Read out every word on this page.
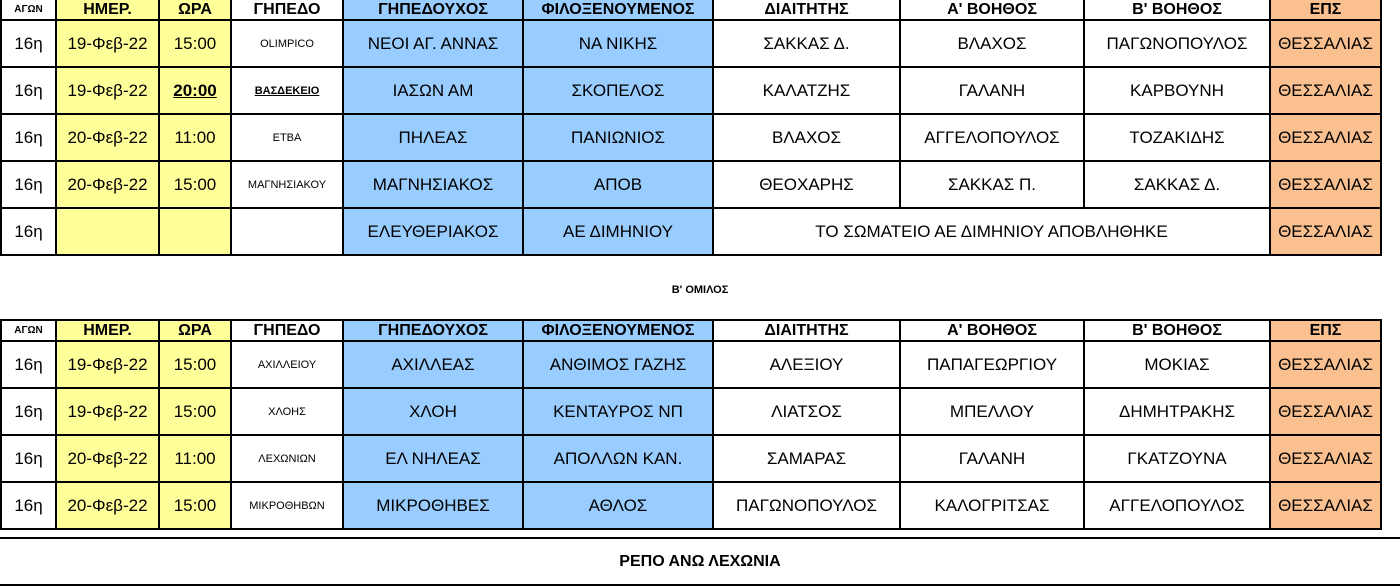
ΑΓΩΝ	ΗΜΕΡ.	ΩΡΑ	ΓΗΠΕΔΟ	ΓΗΠΕΔΟΥΧΟΣ	ΦΙΛΟΞΕΝΟΥΜΕΝΟΣ	ΔΙΑΙΤΗΤΗΣ	Α' ΒΟΗΘΟΣ	Β' ΒΟΗΘΟΣ	ΕΠΣ
16η	19-Φεβ-22	15:00	OLIMPICO	ΝΕΟΙ ΑΓ. ΑΝΝΑΣ	ΝΑ ΝΙΚΗΣ	ΣΑΚΚΑΣ Δ.	ΒΛΑΧΟΣ	ΠΑΓΩΝΟΠΟΥΛΟΣ	ΘΕΣΣΑΛΙΑΣ
16η	19-Φεβ-22	20:00	ΒΑΣΔΕΚΕΙΟ	ΙΑΣΩΝ ΑΜ	ΣΚΟΠΕΛΟΣ	ΚΑΛΑΤΖΗΣ	ΓΑΛΑΝΗ	ΚΑΡΒΟΥΝΗ	ΘΕΣΣΑΛΙΑΣ
16η	20-Φεβ-22	11:00	ΕΤΒΑ	ΠΗΛΕΑΣ	ΠΑΝΙΩΝΙΟΣ	ΒΛΑΧΟΣ	ΑΓΓΕΛΟΠΟΥΛΟΣ	ΤΟΖΑΚΙΔΗΣ	ΘΕΣΣΑΛΙΑΣ
16η	20-Φεβ-22	15:00	ΜΑΓΝΗΣΙΑΚΟΥ	ΜΑΓΝΗΣΙΑΚΟΣ	ΑΠΟΒ	ΘΕΟΧΑΡΗΣ	ΣΑΚΚΑΣ Π.	ΣΑΚΚΑΣ Δ.	ΘΕΣΣΑΛΙΑΣ
16η				ΕΛΕΥΘΕΡΙΑΚΟΣ	ΑΕ ΔΙΜΗΝΙΟΥ	ΤΟ ΣΩΜΑΤΕΙΟ ΑΕ ΔΙΜΗΝΙΟΥ ΑΠΟΒΛΗΘΗΚΕ			ΘΕΣΣΑΛΙΑΣ
Β' ΟΜΙΛΟΣ
ΑΓΩΝ	ΗΜΕΡ.	ΩΡΑ	ΓΗΠΕΔΟ	ΓΗΠΕΔΟΥΧΟΣ	ΦΙΛΟΞΕΝΟΥΜΕΝΟΣ	ΔΙΑΙΤΗΤΗΣ	Α' ΒΟΗΘΟΣ	Β' ΒΟΗΘΟΣ	ΕΠΣ
16η	19-Φεβ-22	15:00	ΑΧΙΛΛΕΙΟΥ	ΑΧΙΛΛΕΑΣ	ΑΝΘΙΜΟΣ ΓΑΖΗΣ	ΑΛΕΞΙΟΥ	ΠΑΠΑΓΕΩΡΓΙΟΥ	ΜΟΚΙΑΣ	ΘΕΣΣΑΛΙΑΣ
16η	19-Φεβ-22	15:00	ΧΛΟΗΣ	ΧΛΟΗ	ΚΕΝΤΑΥΡΟΣ ΝΠ	ΛΙΑΤΣΟΣ	ΜΠΕΛΛΟΥ	ΔΗΜΗΤΡΑΚΗΣ	ΘΕΣΣΑΛΙΑΣ
16η	20-Φεβ-22	11:00	ΛΕΧΩΝΙΩΝ	ΕΛ ΝΗΛΕΑΣ	ΑΠΟΛΛΩΝ ΚΑΝ.	ΣΑΜΑΡΑΣ	ΓΑΛΑΝΗ	ΓΚΑΤΖΟΥΝΑ	ΘΕΣΣΑΛΙΑΣ
16η	20-Φεβ-22	15:00	ΜΙΚΡΟΘΗΒΩΝ	ΜΙΚΡΟΘΗΒΕΣ	ΑΘΛΟΣ	ΠΑΓΩΝΟΠΟΥΛΟΣ	ΚΑΛΟΓΡΙΤΣΑΣ	ΑΓΓΕΛΟΠΟΥΛΟΣ	ΘΕΣΣΑΛΙΑΣ
ΡΕΠΟ ΑΝΩ ΛΕΧΩΝΙΑ
